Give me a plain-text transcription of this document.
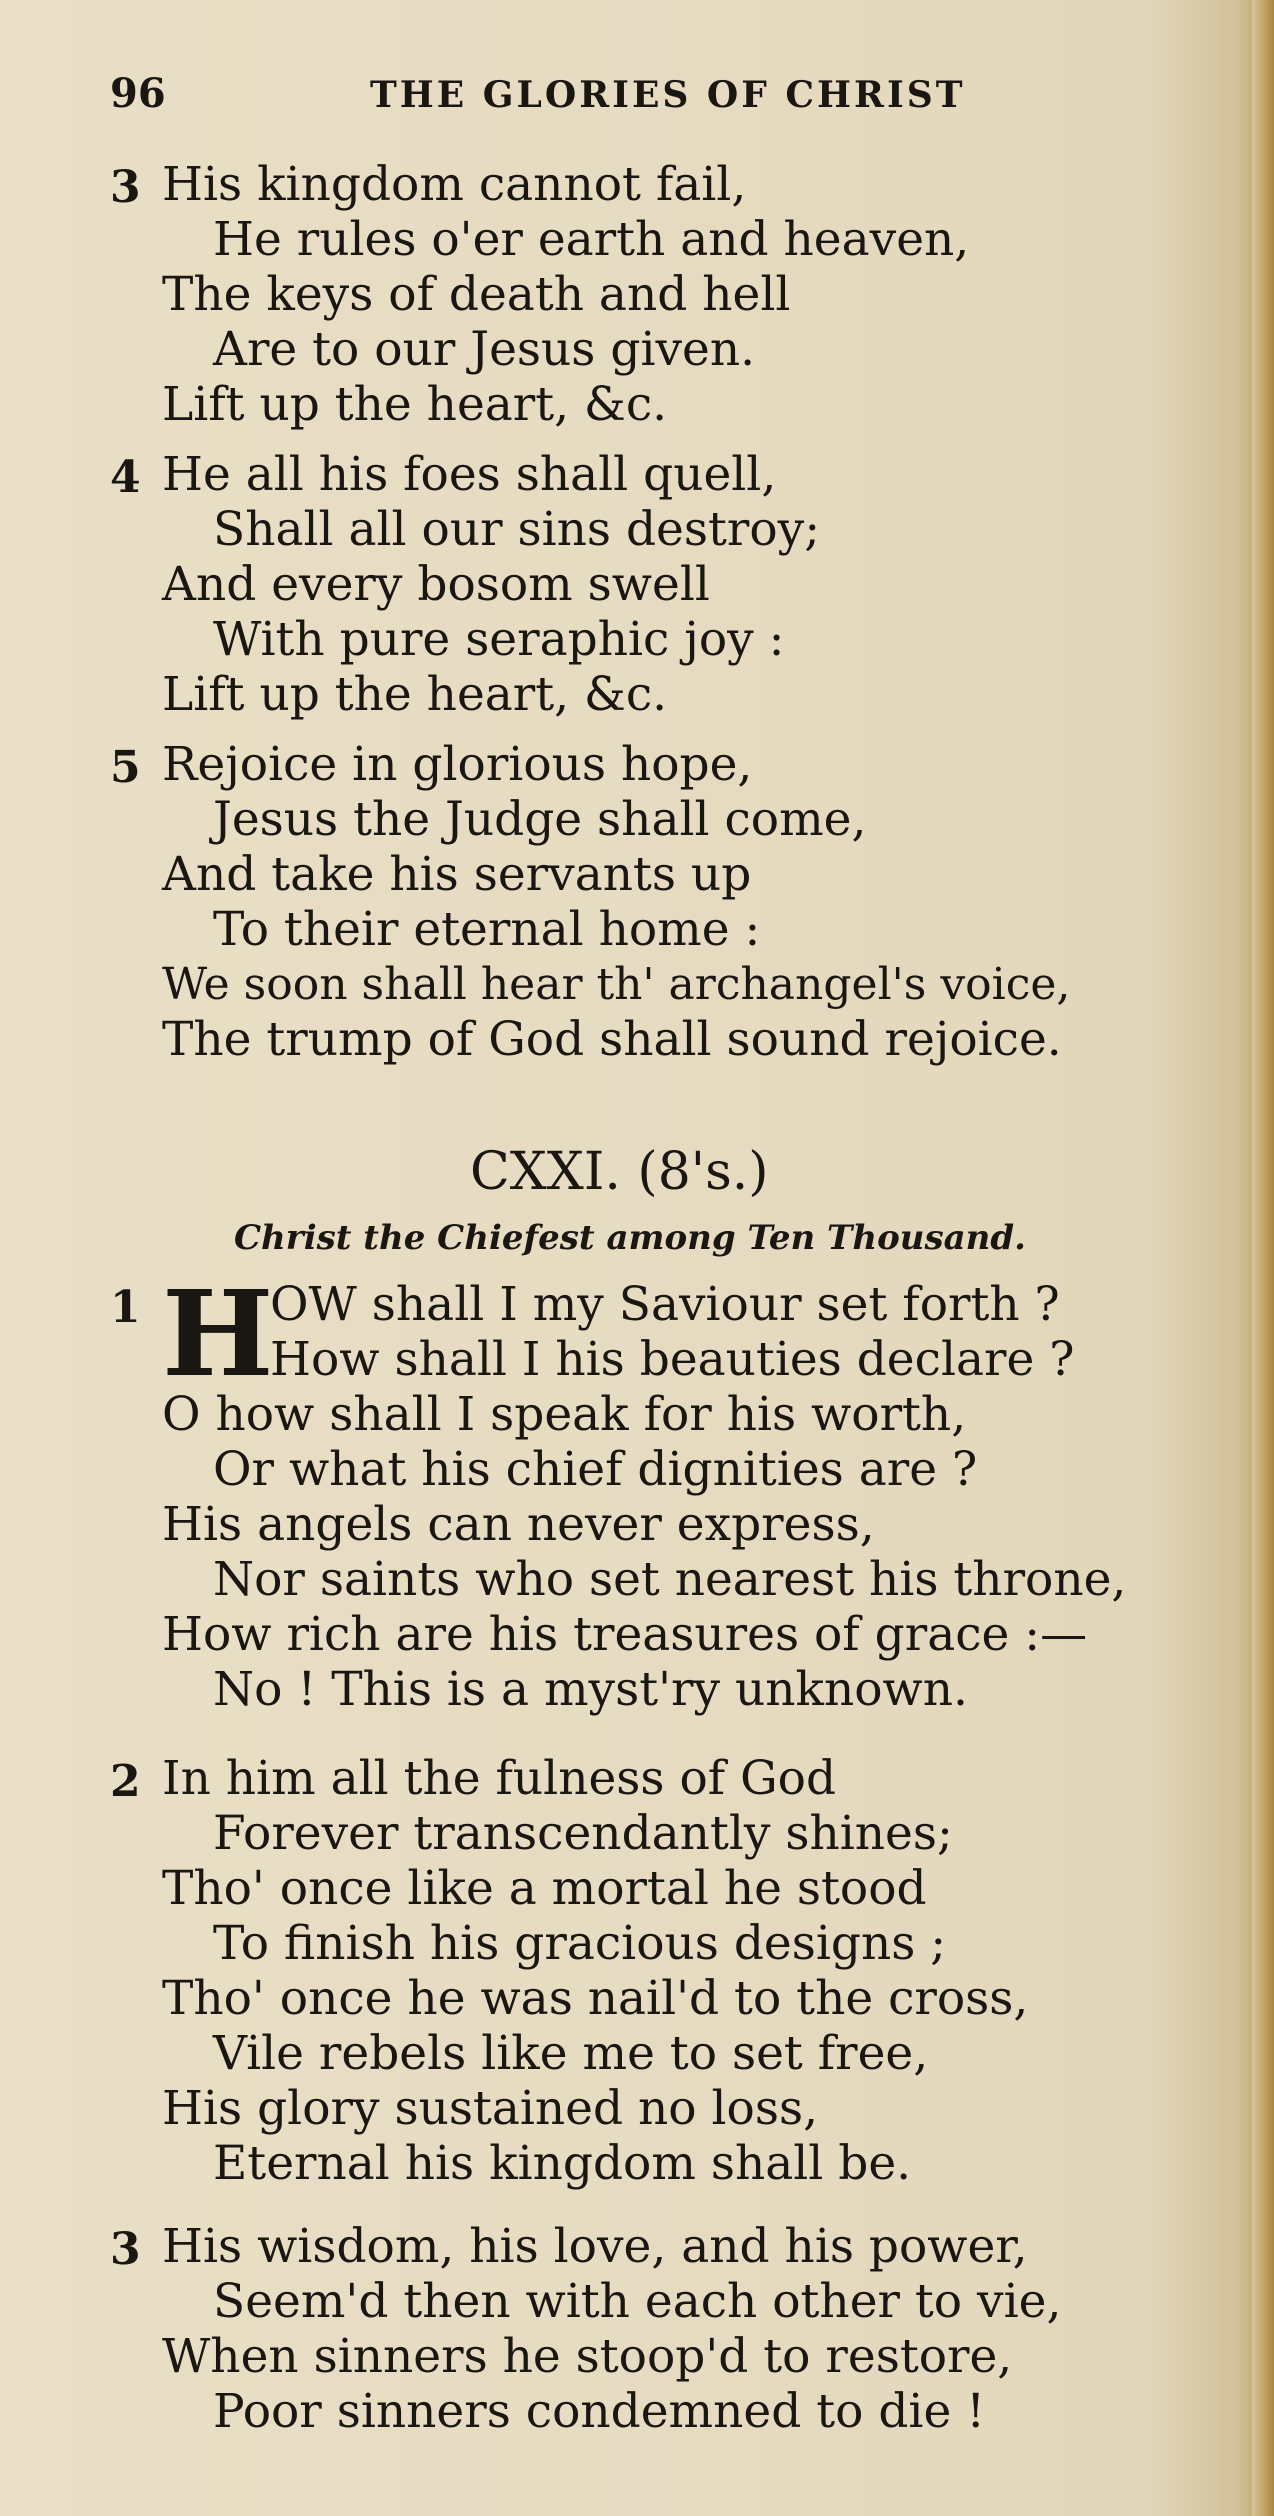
96	THE GLORIES OF CHRIST
3 His kingdom cannot fail,
He rules o'er earth and heaven,
The keys of death and hell
Are to our Jesus given.
Lift up the heart, &c.
4 He all his foes shall quell,
Shall all our sins destroy;
And every bosom swell
With pure seraphic joy :
Lift up the heart, &c.
5 Rejoice in glorious hope,
Jesus the Judge shall come,
And take his servants up
To their eternal home :
We soon shall hear th' archangel's voice,
The trump of God shall sound rejoice.
CXXI. (8's.)
Christ the Chiefest among Ten Thousand.
1 H
OW shall I my Saviour set forth ?
How shall I his beauties declare ?
O how shall I speak for his worth,
Or what his chief dignities are ?
His angels can never express,
Nor saints who set nearest his throne,
How rich are his treasures of grace :—
No ! This is a myst'ry unknown.
2 In him all the fulness of God
Forever transcendantly shines;
Tho' once like a mortal he stood
To finish his gracious designs ;
Tho' once he was nail'd to the cross,
Vile rebels like me to set free,
His glory sustained no loss,
Eternal his kingdom shall be.
3 His wisdom, his love, and his power,
Seem'd then with each other to vie,
When sinners he stoop'd to restore,
Poor sinners condemned to die !
